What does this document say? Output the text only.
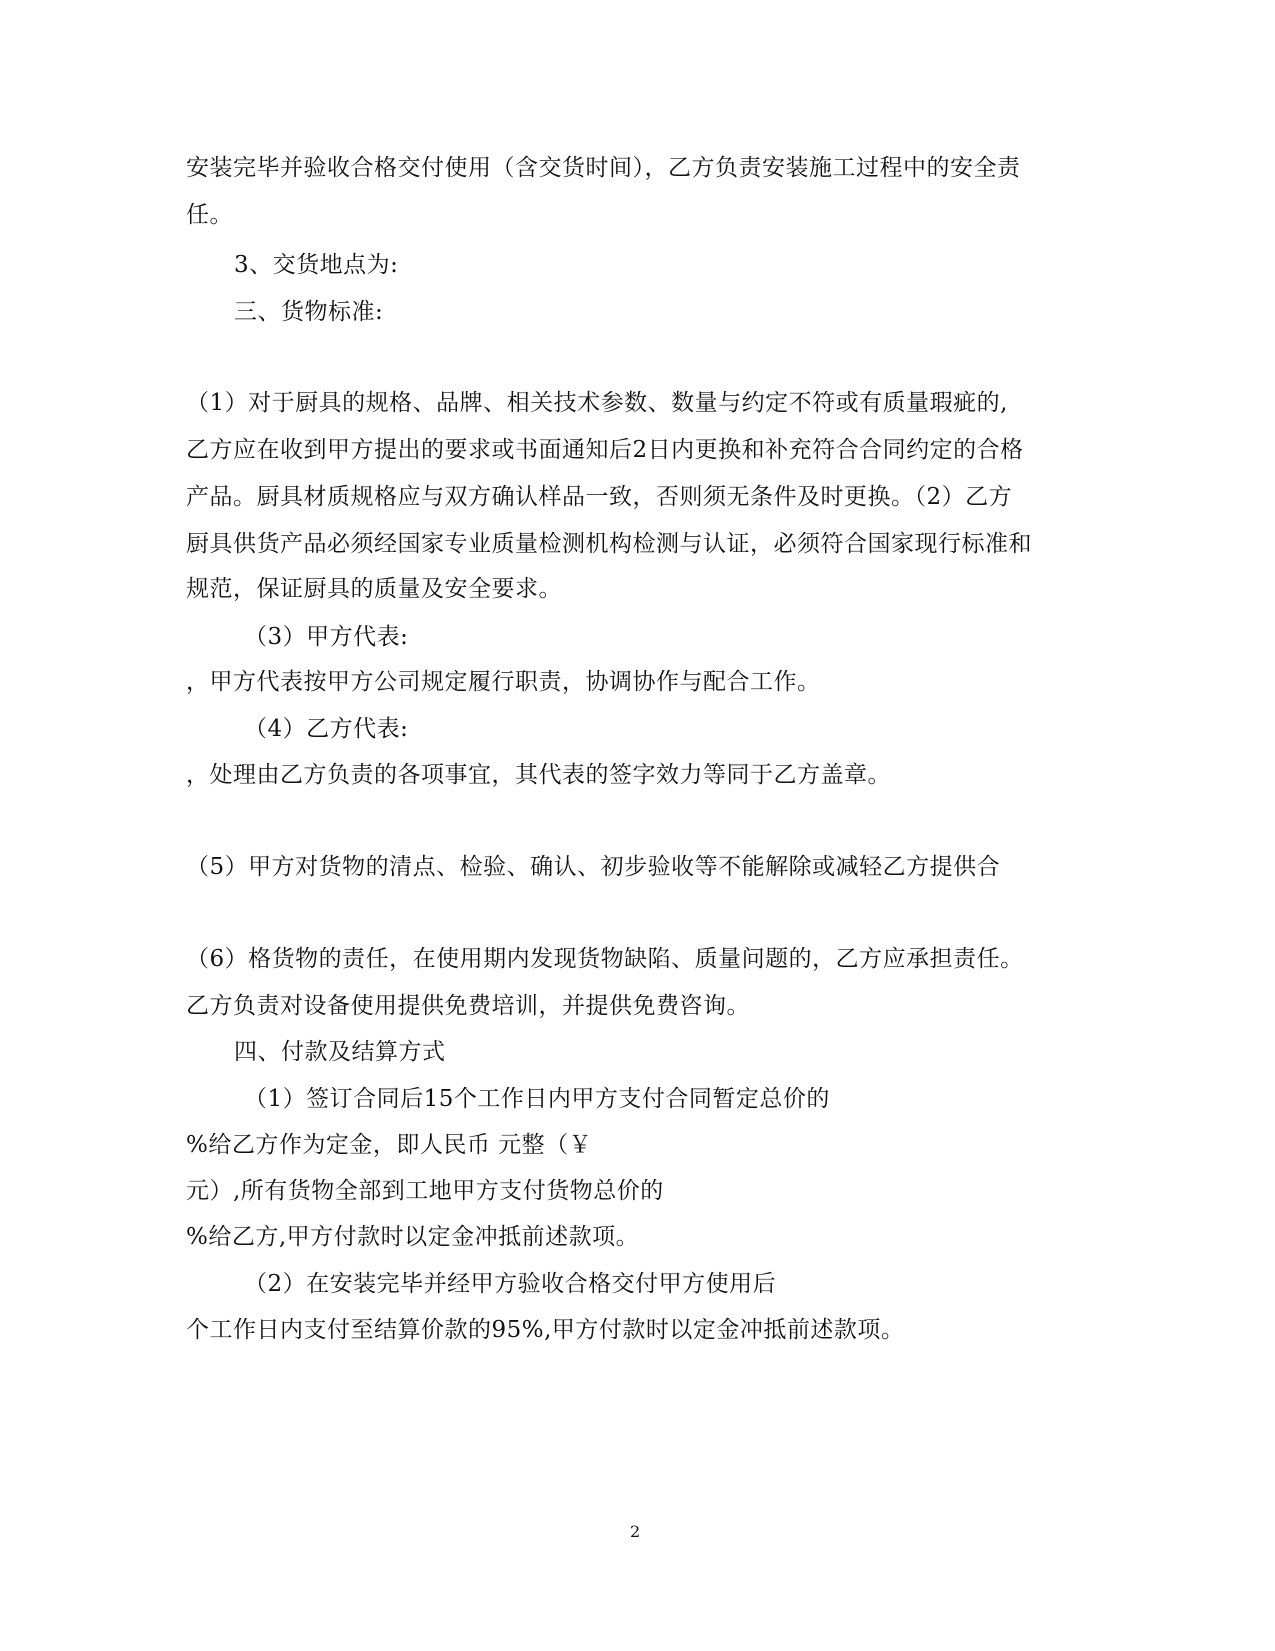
安装完毕并验收合格交付使用（含交货时间），乙方负责安装施工过程中的安全责
任。
3、交货地点为:
三、货物标准:
（1）对于厨具的规格、品牌、相关技术参数、数量与约定不符或有质量瑕疵的,
乙方应在收到甲方提出的要求或书面通知后2日内更换和补充符合合同约定的合格
产品。厨具材质规格应与双方确认样品一致，否则须无条件及时更换。（2）乙方
厨具供货产品必须经国家专业质量检测机构检测与认证，必须符合国家现行标准和
规范，保证厨具的质量及安全要求。
（3）甲方代表:
，甲方代表按甲方公司规定履行职责，协调协作与配合工作。
（4）乙方代表:
，处理由乙方负责的各项事宜，其代表的签字效力等同于乙方盖章。
（5）甲方对货物的清点、检验、确认、初步验收等不能解除或减轻乙方提供合
（6）格货物的责任，在使用期内发现货物缺陷、质量问题的，乙方应承担责任。
乙方负责对设备使用提供免费培训，并提供免费咨询。
四、付款及结算方式
（1）签订合同后15个工作日内甲方支付合同暂定总价的
%给乙方作为定金，即人民币 元整（￥
元）,所有货物全部到工地甲方支付货物总价的
%给乙方,甲方付款时以定金冲抵前述款项。
（2）在安装完毕并经甲方验收合格交付甲方使用后
个工作日内支付至结算价款的95%,甲方付款时以定金冲抵前述款项。
2
